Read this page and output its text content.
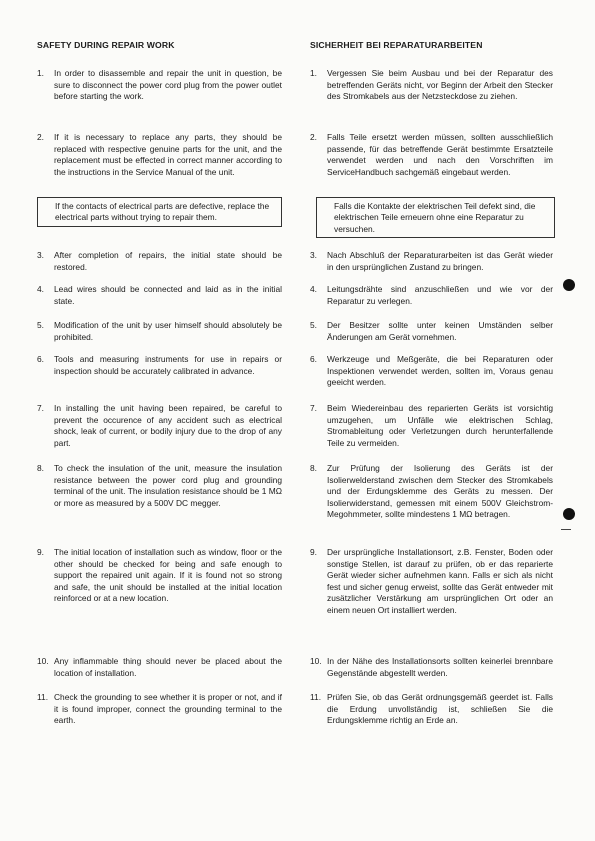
SAFETY DURING REPAIR WORK
1.	In order to disassemble and repair the unit in question, be sure to disconnect the power cord plug from the power outlet before starting the work.
2.	If it is necessary to replace any parts, they should be replaced with respective genuine parts for the unit, and the replacement must be effected in correct manner according to the instructions in the Service Manual of the unit.
3.	After completion of repairs, the initial state should be restored.
4.	Lead wires should be connected and laid as in the initial state.
5.	Modification of the unit by user himself should absolutely be prohibited.
6.	Tools and measuring instruments for use in repairs or inspection should be accurately calibrated in advance.
7.	In installing the unit having been repaired, be careful to prevent the occurence of any accident such as electrical shock, leak of current, or bodily injury due to the drop of any part.
8.	To check the insulation of the unit, measure the insulation resistance between the power cord plug and grounding terminal of the unit. The insulation resistance should be 1 MΩ or more as measured by a 500V DC megger.
9.	The initial location of installation such as window, floor or the other should be checked for being and safe enough to support the repaired unit again. If it is found not so strong and safe, the unit should be installed at the initial location reinforced or at a new location.
10. Any inflammable thing should never be placed about the location of installation.
11. Check the grounding to see whether it is proper or not, and if it is found improper, connect the grounding terminal to the earth.
If the contacts of electrical parts are defective, replace the electrical parts without trying to repair them.
SICHERHEIT BEI REPARATURARBEITEN
1.	Vergessen Sie beim Ausbau und bei der Reparatur des betreffenden Geräts nicht, vor Beginn der Arbeit den Stecker des Stromkabels aus der Netzsteckdose zu ziehen.
2.	Falls Teile ersetzt werden müssen, sollten ausschließlich passende, für das betreffende Gerät bestimmte Ersatzteile verwendet werden und nach den Vorschriften im ServiceHandbuch sachgemäß eingebaut werden.
3.	Nach Abschluß der Reparaturarbeiten ist das Gerät wieder in den ursprünglichen Zustand zu bringen.
4.	Leitungsdrähte sind anzuschließen und wie vor der Reparatur zu verlegen.
5.	Der Besitzer sollte unter keinen Umständen selber Änderungen am Gerät vornehmen.
6.	Werkzeuge und Meßgeräte, die bei Reparaturen oder Inspektionen verwendet werden, sollten im, Voraus genau geeicht werden.
7.	Beim Wiedereinbau des reparierten Geräts ist vorsichtig umzugehen, um Unfälle wie elektrischen Schlag, Stromableitung oder Verletzungen durch herunterfallende Teile zu vermeiden.
8.	Zur Prüfung der Isolierung des Geräts ist der Isolierwelderstand zwischen dem Stecker des Stromkabels und der Erdungsklemme des Geräts zu messen. Der Isolierwiderstand, gemessen mit einem 500V Gleichstrom-Megohmmeter, sollte mindestens 1 MΩ betragen.
9.	Der ursprüngliche Installationsort, z.B. Fenster, Boden oder sonstige Stellen, ist darauf zu prüfen, ob er das reparierte Gerät wieder sicher aufnehmen kann. Falls er sich als nicht fest und sicher genug erweist, sollte das Gerät entweder mit zusätzlicher Verstärkung am ursprünglichen Ort oder an einem neuen Ort installiert werden.
10. In der Nähe des Installationsorts sollten keinerlei brennbare Gegenstände abgestellt werden.
11. Prüfen Sie, ob das Gerät ordnungsgemäß geerdet ist. Falls die Erdung unvollständig ist, schließen Sie die Erdungsklemme richtig an Erde an.
Falls die Kontakte der elektrischen Teil defekt sind, die elektrischen Teile erneuern ohne eine Reparatur zu versuchen.
